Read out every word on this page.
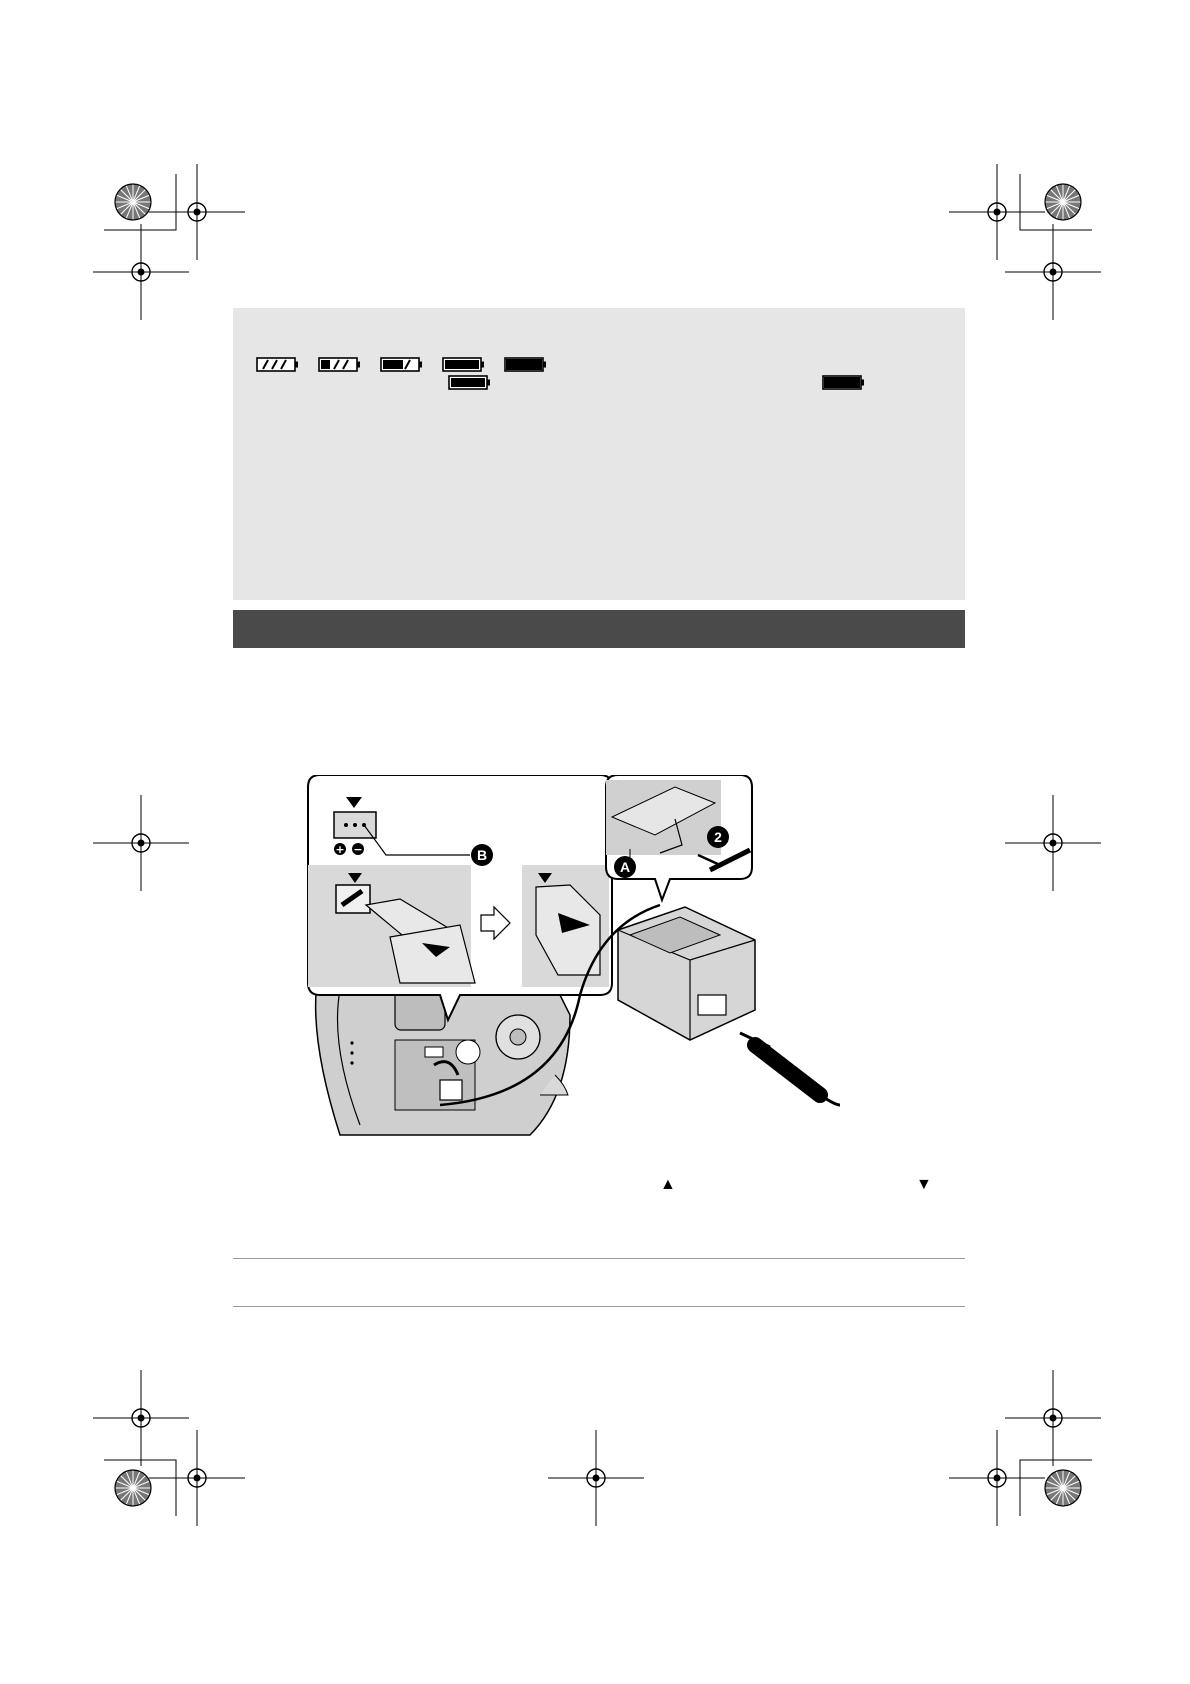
+ −	B
A
2
▲	▼
